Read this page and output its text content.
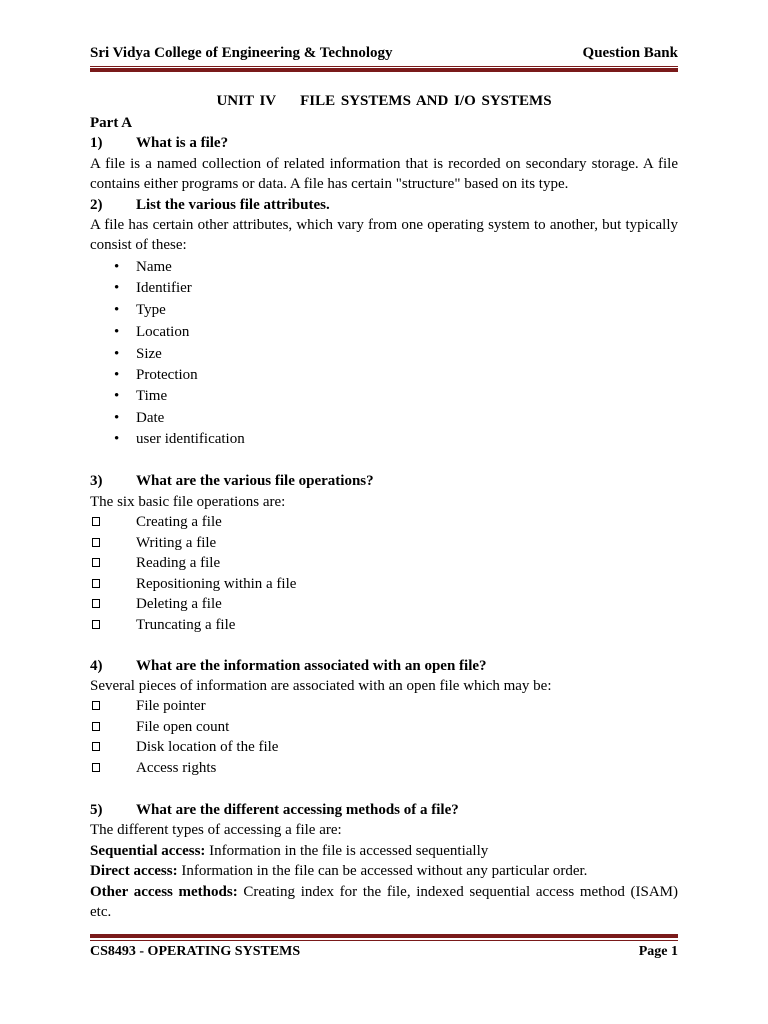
Sri Vidya College of Engineering & Technology	Question Bank
UNIT IV FILE SYSTEMS AND I/O SYSTEMS
Part A
1) What is a file?
A file is a named collection of related information that is recorded on secondary storage. A file contains either programs or data. A file has certain "structure" based on its type.
2) List the various file attributes.
A file has certain other attributes, which vary from one operating system to another, but typically consist of these:
• Name
• Identifier
• Type
• Location
• Size
• Protection
• Time
• Date
• user identification
3) What are the various file operations?
The six basic file operations are:
Creating a file
Writing a file
Reading a file
Repositioning within a file
Deleting a file
Truncating a file
4) What are the information associated with an open file?
Several pieces of information are associated with an open file which may be:
File pointer
File open count
Disk location of the file
Access rights
5) What are the different accessing methods of a file?
The different types of accessing a file are:
Sequential access: Information in the file is accessed sequentially
Direct access: Information in the file can be accessed without any particular order.
Other access methods: Creating index for the file, indexed sequential access method (ISAM) etc.
CS8493 - OPERATING SYSTEMS	Page 1
